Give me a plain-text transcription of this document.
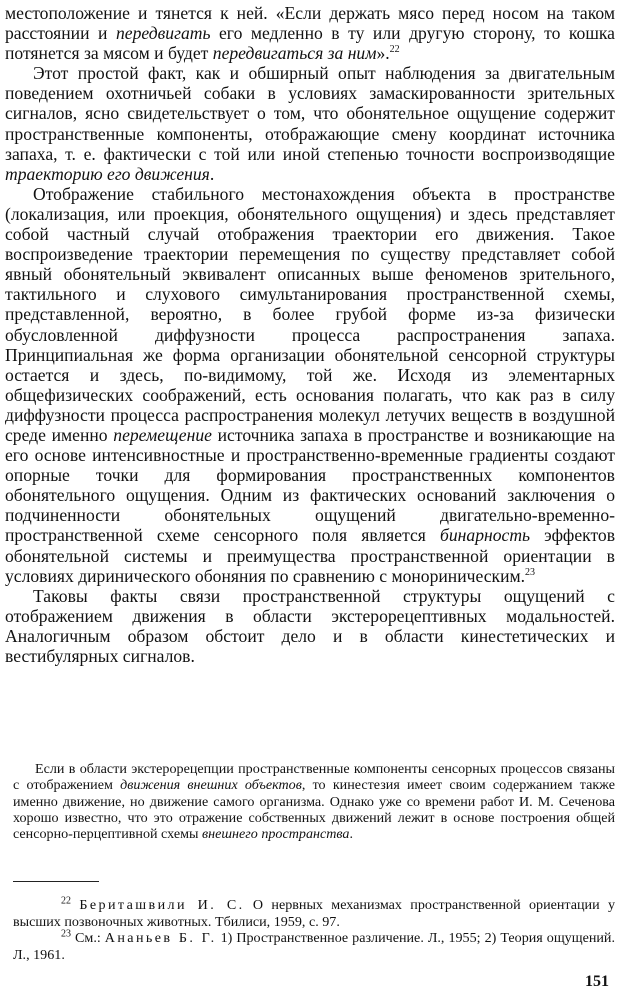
местоположение и тянется к ней. «Если держать мясо перед носом на таком расстоянии и передвигать его медленно в ту или другую сторону, то кошка потянется за мясом и будет передвигаться за ним».$^{22}$

Этот простой факт, как и обширный опыт наблюдения за двигательным поведением охотничьей собаки в условиях замаскированности зрительных сигналов, ясно свидетельствует о том, что обонятельное ощущение содержит пространственные компоненты, отображающие смену координат источника запаха, т. е. фактически с той или иной степенью точности воспроизводящие траекторию его движения.

Отображение стабильного местонахождения объекта в пространстве (локализация, или проекция, обонятельного ощущения) и здесь представляет собой частный случай отображения траектории его движения. Такое воспроизведение траектории перемещения по существу представляет собой явный обонятельный эквивалент описанных выше феноменов зрительного, тактильного и слухового симультанирования пространственной схемы, представленной, вероятно, в более грубой форме из-за физически обусловленной диффузности процесса распространения запаха. Принципиальная же форма организации обонятельной сенсорной структуры остается и здесь, по-видимому, той же. Исходя из элементарных общефизических соображений, есть основания полагать, что как раз в силу диффузности процесса распространения молекул летучих веществ в воздушной среде именно перемещение источника запаха в пространстве и возникающие на его основе интенсивностные и пространственно-временные градиенты создают опорные точки для формирования пространственных компонентов обонятельного ощущения. Одним из фактических оснований заключения о подчиненности обонятельных ощущений двигательно-временно-пространственной схеме сенсорного поля является бинарность эффектов обонятельной системы и преимущества пространственной ориентации в условиях диринического обоняния по сравнению с монориническим.$^{23}$

Таковы факты связи пространственной структуры ощущений с отображением движения в области экстерорецептивных модальностей. Аналогичным образом обстоит дело и в области кинестетических и вестибулярных сигналов.

Если в области экстерорецепции пространственные компоненты сенсорных процессов связаны с отображением движения внешних объектов, то кинестезия имеет своим содержанием также именно движение, но движение самого организма. Однако уже со времени работ И. М. Сеченова хорошо известно, что это отражение собственных движений лежит в основе построения общей сенсорно-перцептивной схемы внешнего пространства.

$^{22}$ Бериташвили И. С. О нервных механизмах пространственной ориентации у высших позвоночных животных. Тбилиси, 1959, с. 97.

$^{23}$ См.: Ананьев Б. Г. 1) Пространственное различение. Л., 1955; 2) Теория ощущений. Л., 1961.

151
